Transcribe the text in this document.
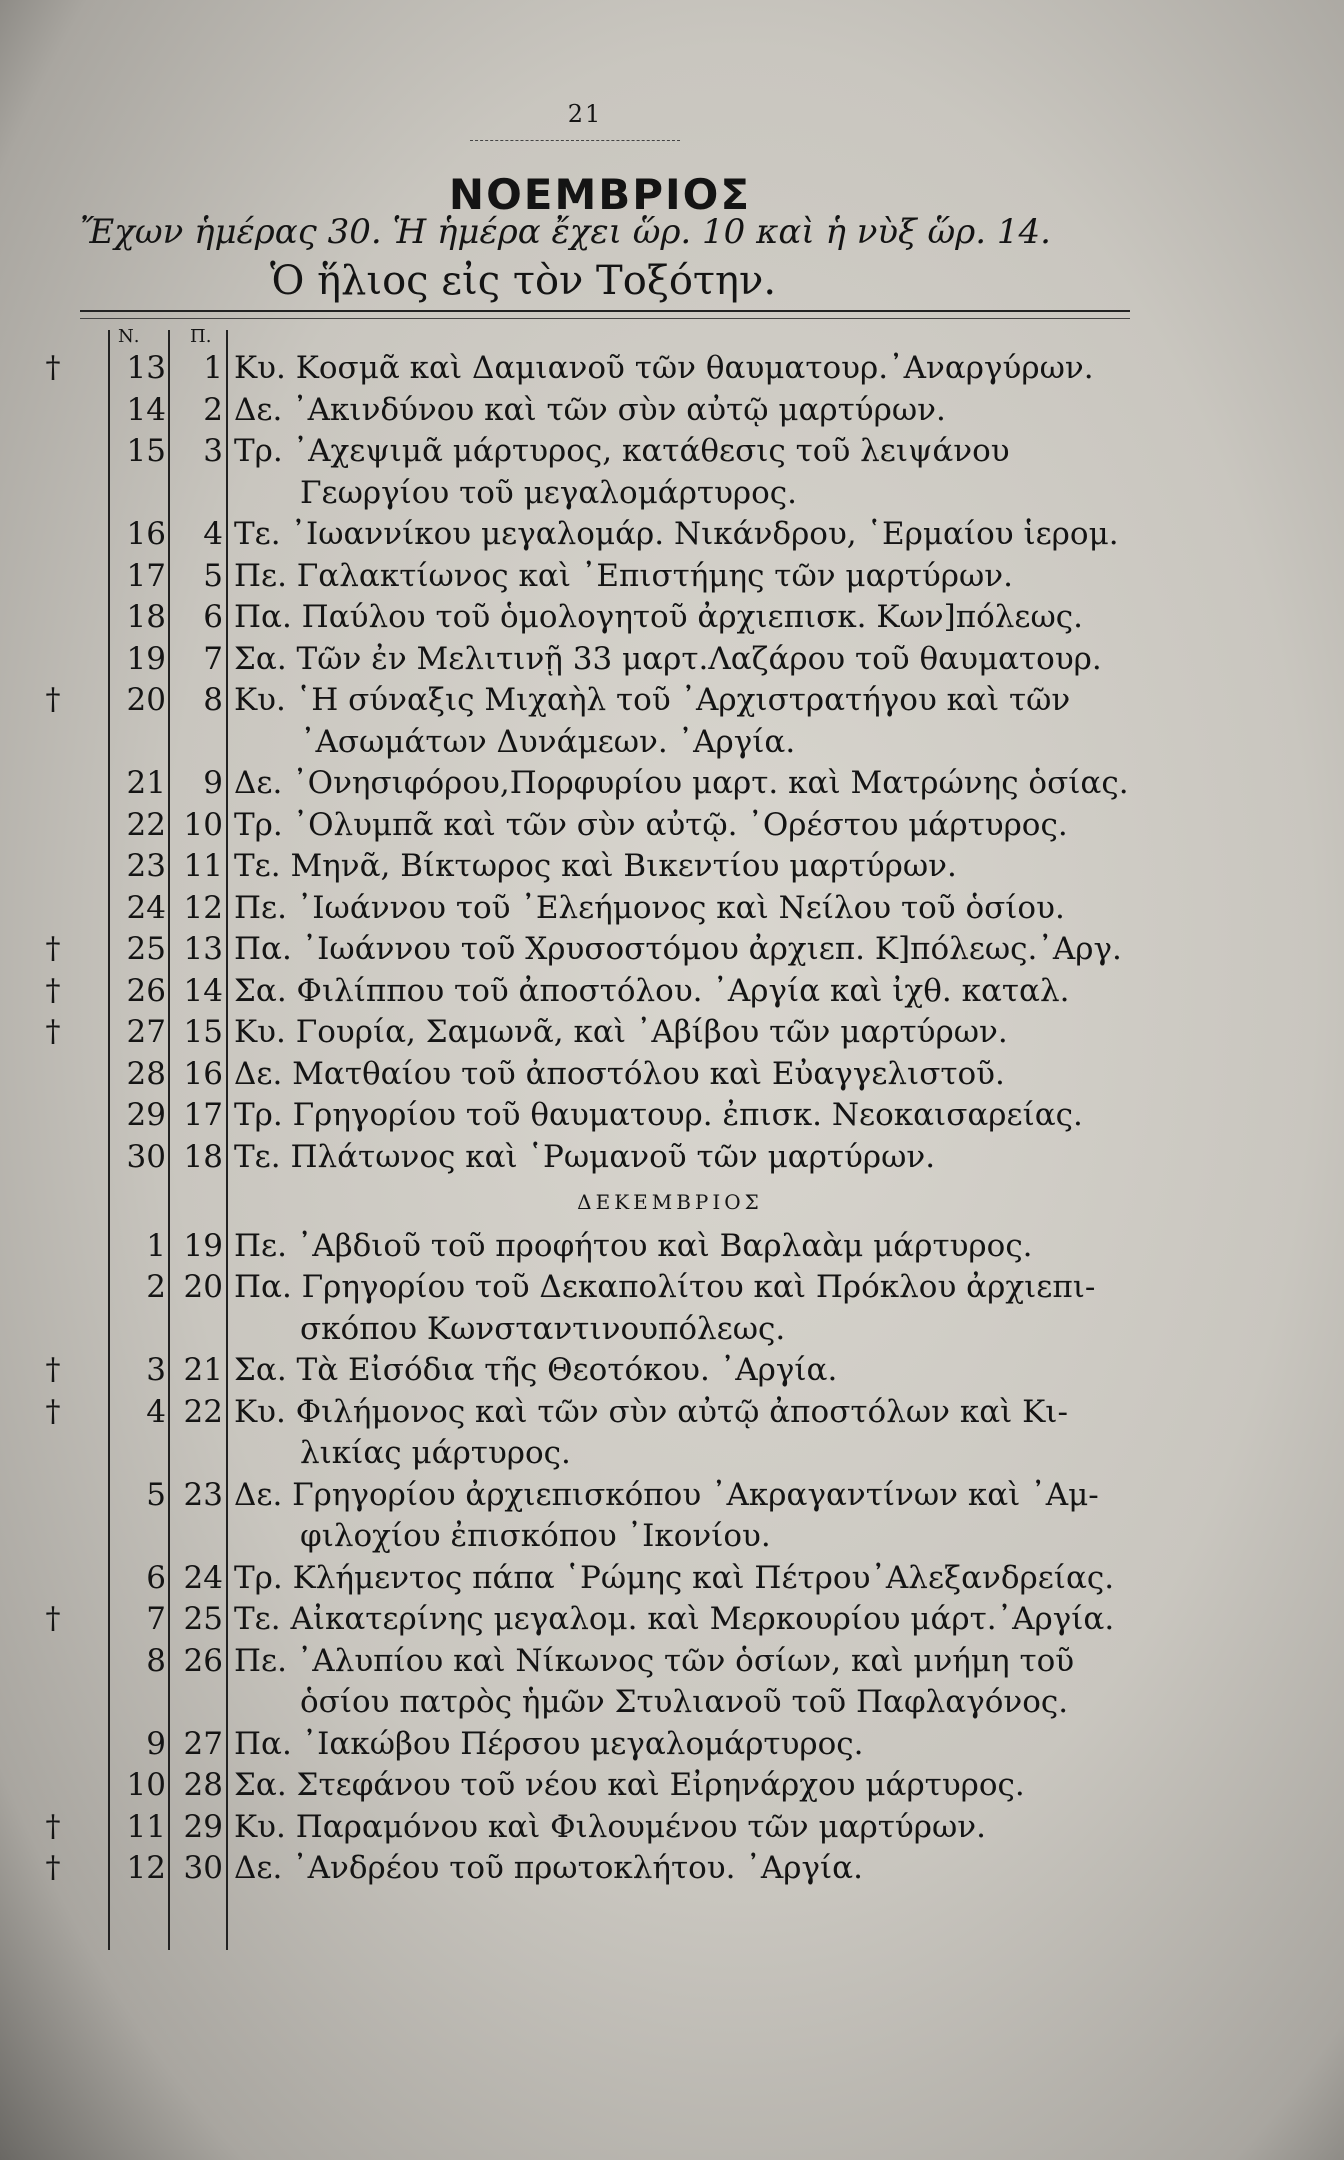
21
ΝΟΕΜΒΡΙΟΣ
Ἔχων ἡμέρας 30. Ἡ ἡμέρα ἔχει ὥρ. 10 καὶ ἡ νὺξ ὥρ. 14.
Ὁ ἥλιος εἰς τὸν Τοξότην.
Ν.	Π.
†	13	1 Κυ. Κοσμᾶ καὶ Δαμιανοῦ τῶν θαυματουρ.᾿Αναργύρων.
14	2 Δε. ᾿Ακινδύνου καὶ τῶν σὺν αὐτῷ μαρτύρων.
15	3 Τρ. ᾿Αχεψιμᾶ μάρτυρος, κατάθεσις τοῦ λειψάνου
Γεωργίου τοῦ μεγαλομάρτυρος.
16	4 Τε. ᾿Ιωαννίκου μεγαλομάρ. Νικάνδρου, ῾Ερμαίου ἱερομ.
17	5 Πε. Γαλακτίωνος καὶ ᾿Επιστήμης τῶν μαρτύρων.
18	6 Πα. Παύλου τοῦ ὁμολογητοῦ ἀρχιεπισκ. Κων]πόλεως.
19	7 Σα. Τῶν ἐν Μελιτινῇ 33 μαρτ.Λαζάρου τοῦ θαυματουρ.
†	20	8 Κυ. ῾Η σύναξις Μιχαὴλ τοῦ ᾿Αρχιστρατήγου καὶ τῶν
᾿Ασωμάτων Δυνάμεων. ᾿Αργία.
21	9 Δε. ᾿Ονησιφόρου,Πορφυρίου μαρτ. καὶ Ματρώνης ὁσίας.
22 10 Τρ. ᾿Ολυμπᾶ καὶ τῶν σὺν αὐτῷ. ᾿Ορέστου μάρτυρος.
23 11 Τε. Μηνᾶ, Βίκτωρος καὶ Βικεντίου μαρτύρων.
24 12 Πε. ᾿Ιωάννου τοῦ ᾿Ελεήμονος καὶ Νείλου τοῦ ὁσίου.
†	25 13 Πα. ᾿Ιωάννου τοῦ Χρυσοστόμου ἀρχιεπ. Κ]πόλεως.᾿Αργ.
†	26 14 Σα. Φιλίππου τοῦ ἀποστόλου. ᾿Αργία καὶ ἰχθ. καταλ.
†	27 15 Κυ. Γουρία, Σαμωνᾶ, καὶ ᾿Αβίβου τῶν μαρτύρων.
28 16 Δε. Ματθαίου τοῦ ἀποστόλου καὶ Εὐαγγελιστοῦ.
29 17 Τρ. Γρηγορίου τοῦ θαυματουρ. ἐπισκ. Νεοκαισαρείας.
30 18 Τε. Πλάτωνος καὶ ῾Ρωμανοῦ τῶν μαρτύρων.
ΔΕΚΕΜΒΡΙΟΣ
1 19 Πε. ᾿Αβδιοῦ τοῦ προφήτου καὶ Βαρλαὰμ μάρτυρος.
2 20 Πα. Γρηγορίου τοῦ Δεκαπολίτου καὶ Πρόκλου ἀρχιεπι-
σκόπου Κωνσταντινουπόλεως.
†	3 21 Σα. Τὰ Εἰσόδια τῆς Θεοτόκου. ᾿Αργία.
†	4 22 Κυ. Φιλήμονος καὶ τῶν σὺν αὐτῷ ἀποστόλων καὶ Κι-
λικίας μάρτυρος.
5 23 Δε. Γρηγορίου ἀρχιεπισκόπου ᾿Ακραγαντίνων καὶ ᾿Αμ-
φιλοχίου ἐπισκόπου ᾿Ικονίου.
6 24 Τρ. Κλήμεντος πάπα ῾Ρώμης καὶ Πέτρου᾿Αλεξανδρείας.
†	7 25 Τε. Αἰκατερίνης μεγαλομ. καὶ Μερκουρίου μάρτ.᾿Αργία.
8 26 Πε. ᾿Αλυπίου καὶ Νίκωνος τῶν ὁσίων, καὶ μνήμη τοῦ
ὁσίου πατρὸς ἡμῶν Στυλιανοῦ τοῦ Παφλαγόνος.
9 27 Πα. ᾿Ιακώβου Πέρσου μεγαλομάρτυρος.
10 28 Σα. Στεφάνου τοῦ νέου καὶ Εἰρηνάρχου μάρτυρος.
†	11 29 Κυ. Παραμόνου καὶ Φιλουμένου τῶν μαρτύρων.
†	12 30 Δε. ᾿Ανδρέου τοῦ πρωτοκλήτου. ᾿Αργία.
